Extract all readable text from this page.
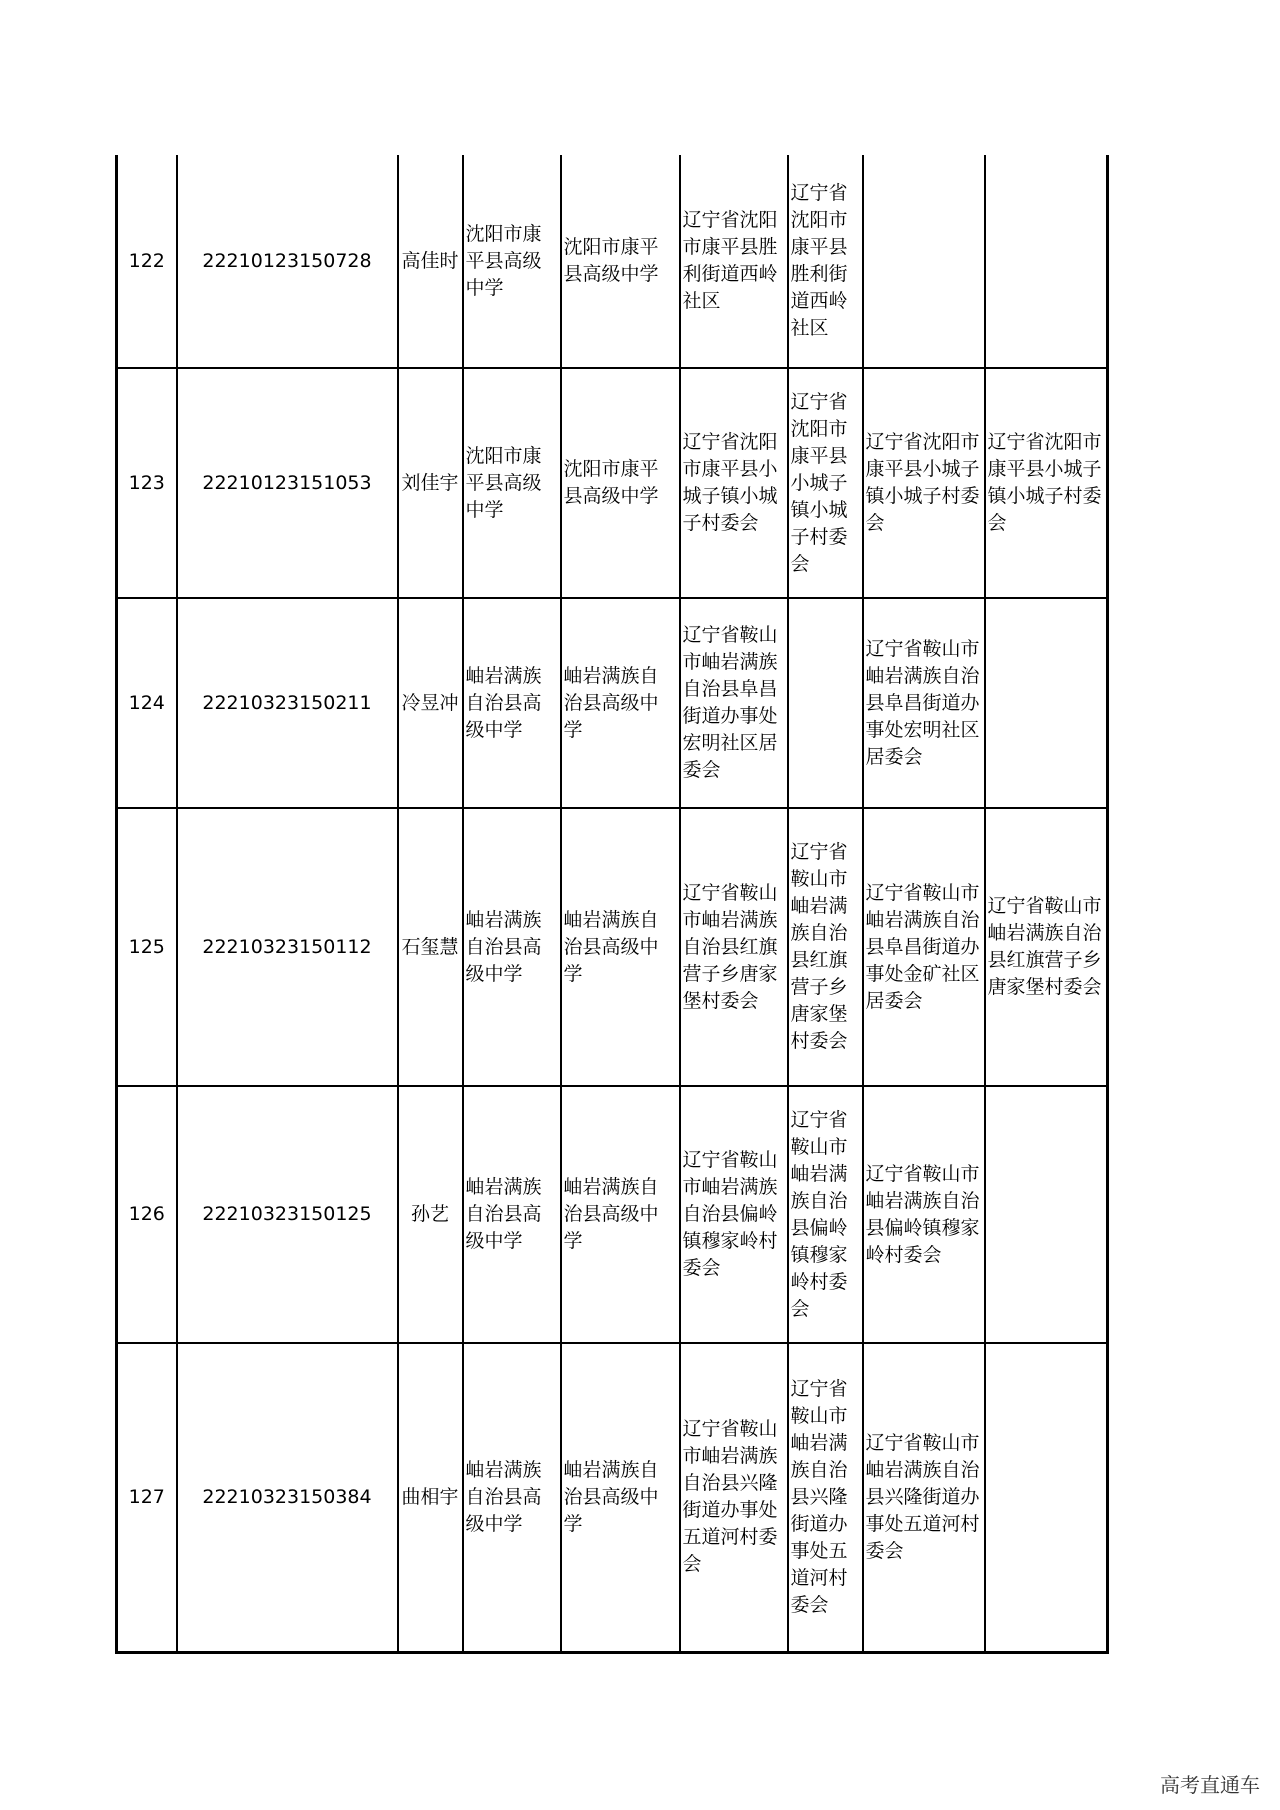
122	22210123150728	高佳时	沈阳市康平县高级中学	沈阳市康平县高级中学	辽宁省沈阳市康平县胜利街道西岭社区	辽宁省沈阳市康平县胜利街道西岭社区		
123	22210123151053	刘佳宇	沈阳市康平县高级中学	沈阳市康平县高级中学	辽宁省沈阳市康平县小城子镇小城子村委会	辽宁省沈阳市康平县小城子镇小城子村委会	辽宁省沈阳市康平县小城子镇小城子村委会	辽宁省沈阳市康平县小城子镇小城子村委会
124	22210323150211	冷昱冲	岫岩满族自治县高级中学	岫岩满族自治县高级中学	辽宁省鞍山市岫岩满族自治县阜昌街道办事处宏明社区居委会		辽宁省鞍山市岫岩满族自治县阜昌街道办事处宏明社区居委会	
125	22210323150112	石玺慧	岫岩满族自治县高级中学	岫岩满族自治县高级中学	辽宁省鞍山市岫岩满族自治县红旗营子乡唐家堡村委会	辽宁省鞍山市岫岩满族自治县红旗营子乡唐家堡村委会	辽宁省鞍山市岫岩满族自治县阜昌街道办事处金矿社区居委会	辽宁省鞍山市岫岩满族自治县红旗营子乡唐家堡村委会
126	22210323150125	孙艺	岫岩满族自治县高级中学	岫岩满族自治县高级中学	辽宁省鞍山市岫岩满族自治县偏岭镇穆家岭村委会	辽宁省鞍山市岫岩满族自治县偏岭镇穆家岭村委会	辽宁省鞍山市岫岩满族自治县偏岭镇穆家岭村委会	
127	22210323150384	曲相宇	岫岩满族自治县高级中学	岫岩满族自治县高级中学	辽宁省鞍山市岫岩满族自治县兴隆街道办事处五道河村委会	辽宁省鞍山市岫岩满族自治县兴隆街道办事处五道河村委会	辽宁省鞍山市岫岩满族自治县兴隆街道办事处五道河村委会	
高考直通车
